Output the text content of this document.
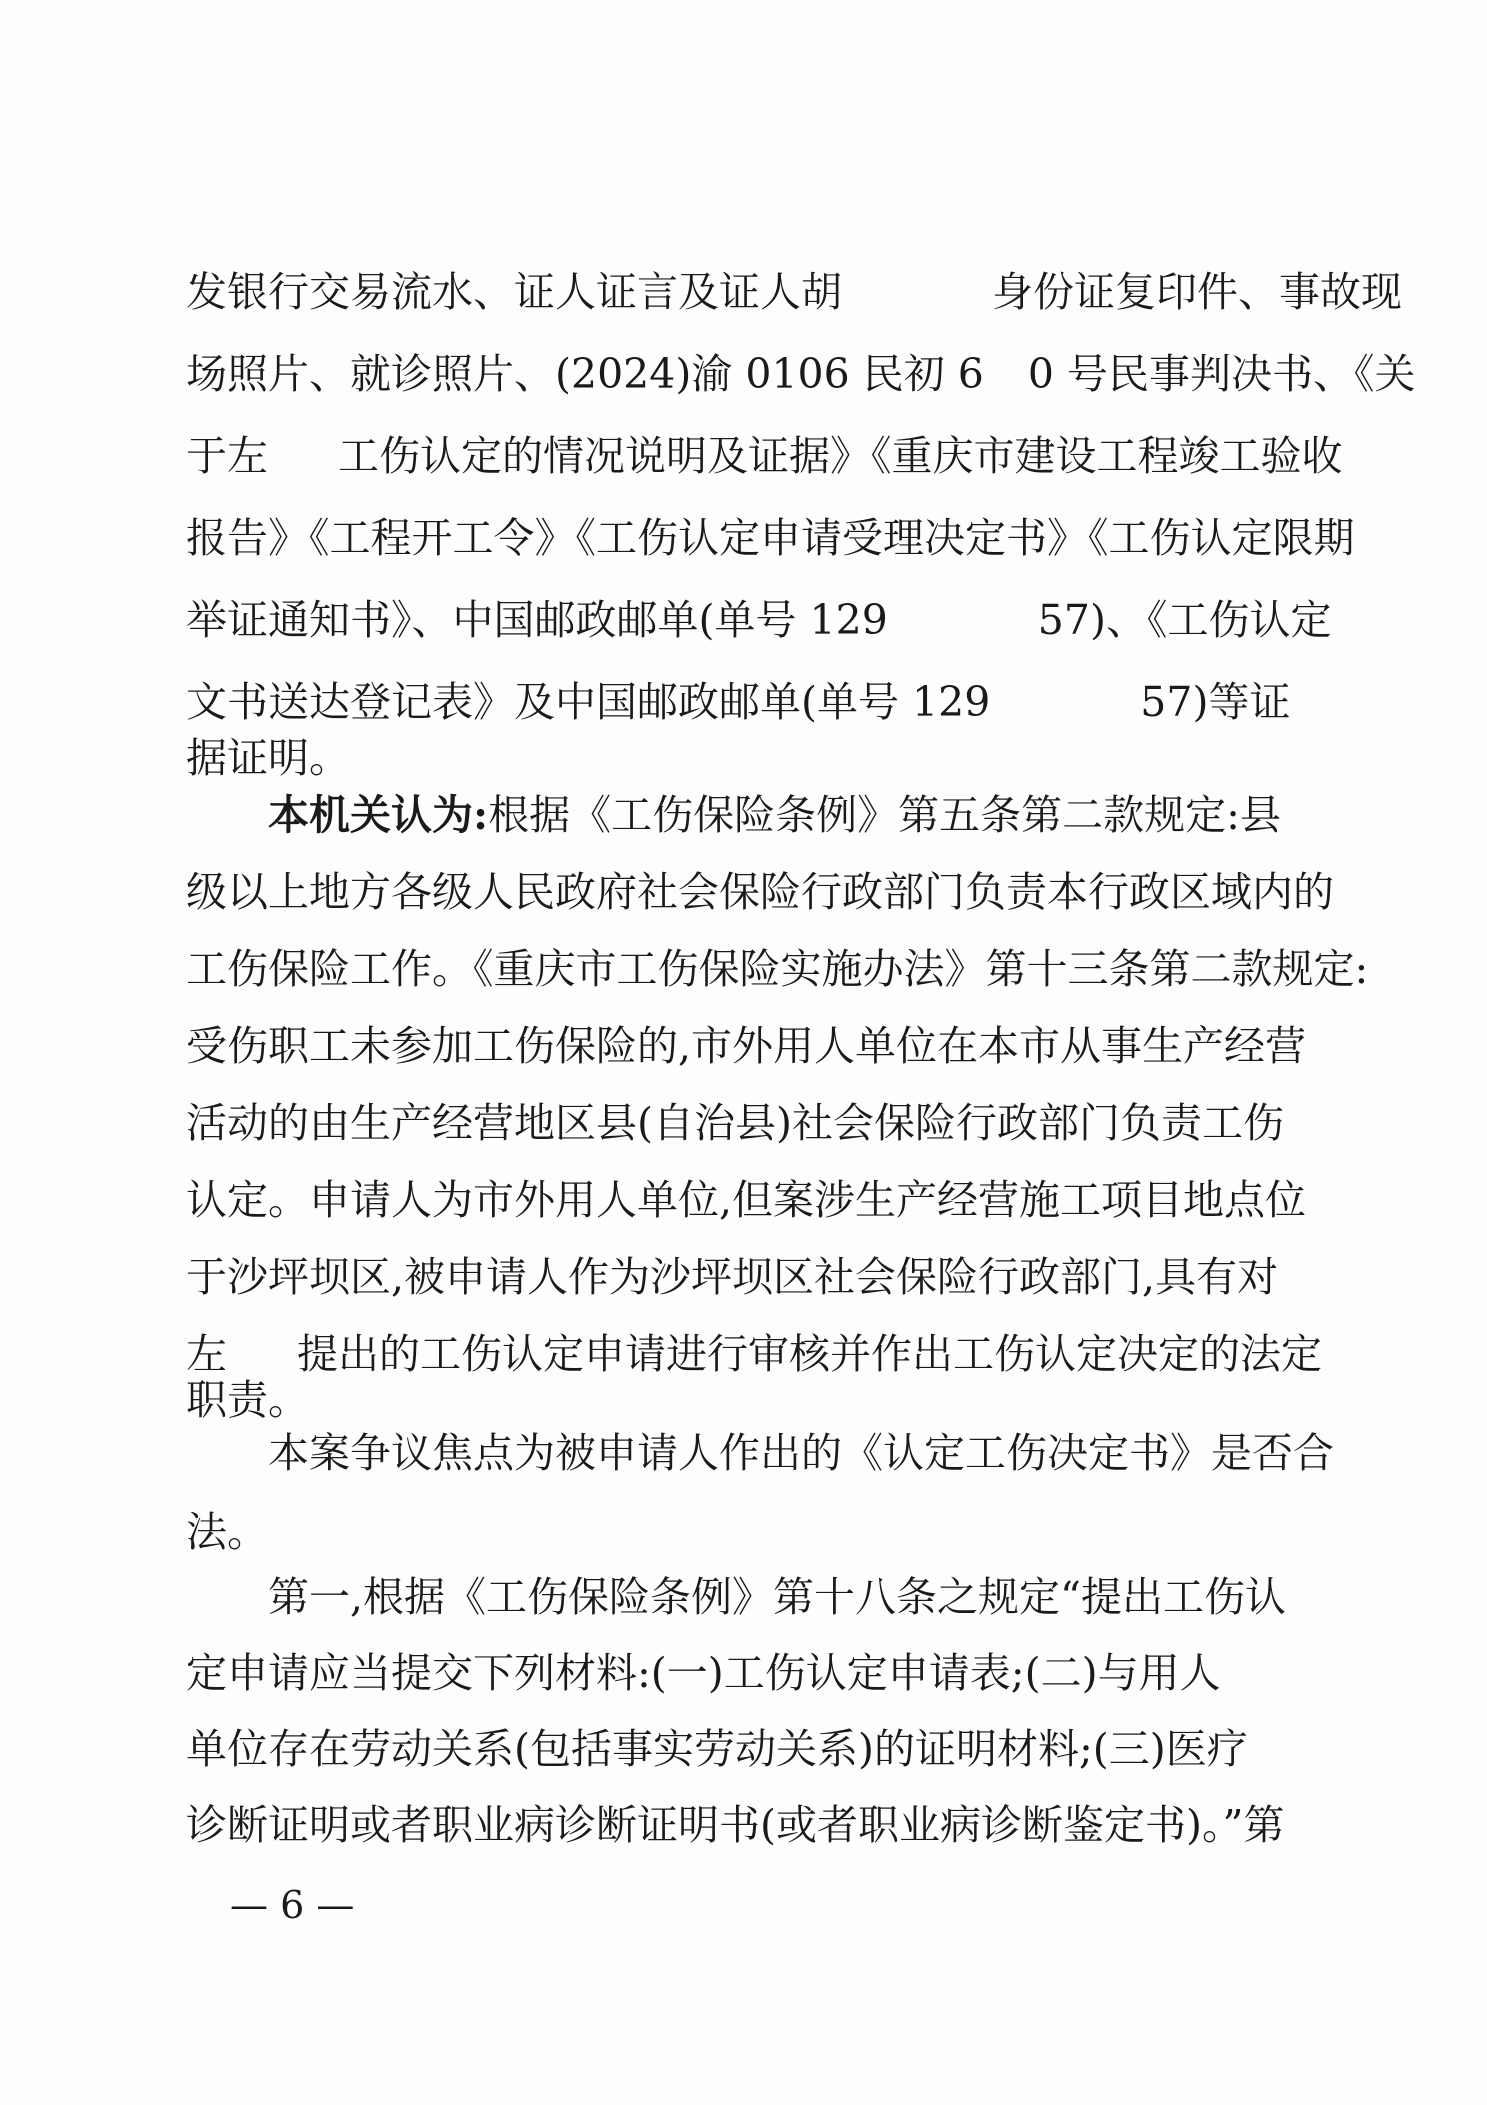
发银行交易流水、证人证言及证人胡	身份证复印件、事故现
场照片、就诊照片、(2024)渝 0106 民初 6 0 号民事判决书、《关
于左 工伤认定的情况说明及证据》《重庆市建设工程竣工验收
报告》《工程开工令》《工伤认定申请受理决定书》《工伤认定限期
举证通知书》、中国邮政邮单(单号 129	57)、《工伤认定
文书送达登记表》及中国邮政邮单(单号 129	57)等证
据证明。
本机关认为:根据《工伤保险条例》第五条第二款规定:县
级以上地方各级人民政府社会保险行政部门负责本行政区域内的
工伤保险工作。《重庆市工伤保险实施办法》第十三条第二款规定:
受伤职工未参加工伤保险的,市外用人单位在本市从事生产经营
活动的由生产经营地区县(自治县)社会保险行政部门负责工伤
认定。申请人为市外用人单位,但案涉生产经营施工项目地点位
于沙坪坝区,被申请人作为沙坪坝区社会保险行政部门,具有对
左 提出的工伤认定申请进行审核并作出工伤认定决定的法定
职责。
本案争议焦点为被申请人作出的《认定工伤决定书》是否合
法。
第一,根据《工伤保险条例》第十八条之规定“提出工伤认
定申请应当提交下列材料:(一)工伤认定申请表;(二)与用人
单位存在劳动关系(包括事实劳动关系)的证明材料;(三)医疗
诊断证明或者职业病诊断证明书(或者职业病诊断鉴定书)。”第
— 6 —
